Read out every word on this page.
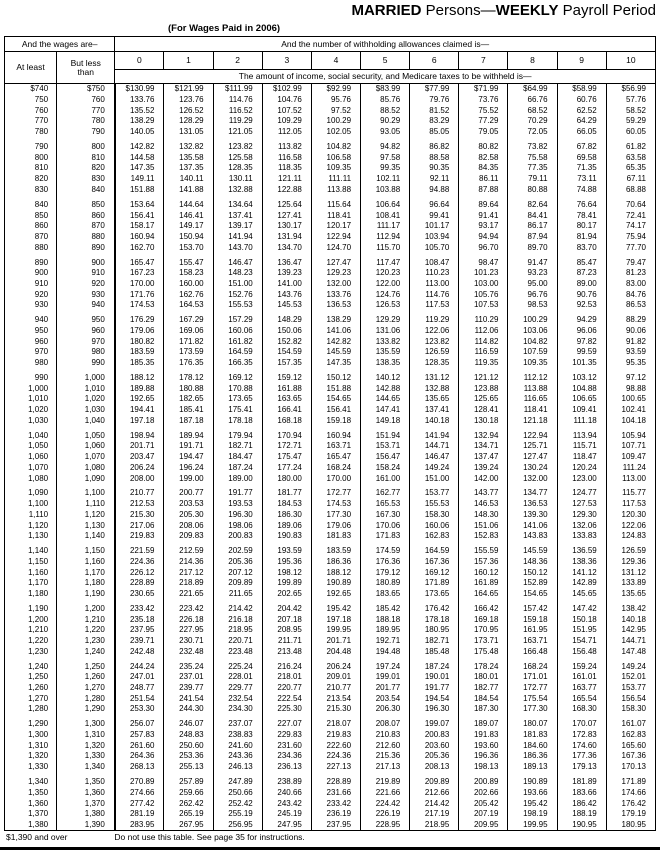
MARRIED Persons—WEEKLY Payroll Period
(For Wages Paid in 2006)
And the wages are–		And the number of withholding allowances claimed is—										
At least	But less
than	0	1	2	3	4	5	6	7	8	9	10
		The amount of income, social security, and Medicare taxes to be withheld is—										
$740	$750	$130.99	$121.99	$111.99	$102.99	$92.99	$83.99	$77.99	$71.99	$64.99	$58.99	$56.99
750	760	133.76	123.76	114.76	104.76	95.76	85.76	79.76	73.76	66.76	60.76	57.76
760	770	135.52	126.52	116.52	107.52	97.52	88.52	81.52	75.52	68.52	62.52	58.52
770	780	138.29	128.29	119.29	109.29	100.29	90.29	83.29	77.29	70.29	64.29	59.29
780	790	140.05	131.05	121.05	112.05	102.05	93.05	85.05	79.05	72.05	66.05	60.05

790	800	142.82	132.82	123.82	113.82	104.82	94.82	86.82	80.82	73.82	67.82	61.82
800	810	144.58	135.58	125.58	116.58	106.58	97.58	88.58	82.58	75.58	69.58	63.58
810	820	147.35	137.35	128.35	118.35	109.35	99.35	90.35	84.35	77.35	71.35	65.35
820	830	149.11	140.11	130.11	121.11	111.11	102.11	92.11	86.11	79.11	73.11	67.11
830	840	151.88	141.88	132.88	122.88	113.88	103.88	94.88	87.88	80.88	74.88	68.88

840	850	153.64	144.64	134.64	125.64	115.64	106.64	96.64	89.64	82.64	76.64	70.64
850	860	156.41	146.41	137.41	127.41	118.41	108.41	99.41	91.41	84.41	78.41	72.41
860	870	158.17	149.17	139.17	130.17	120.17	111.17	101.17	93.17	86.17	80.17	74.17
870	880	160.94	150.94	141.94	131.94	122.94	112.94	103.94	94.94	87.94	81.94	75.94
880	890	162.70	153.70	143.70	134.70	124.70	115.70	105.70	96.70	89.70	83.70	77.70

890	900	165.47	155.47	146.47	136.47	127.47	117.47	108.47	98.47	91.47	85.47	79.47
900	910	167.23	158.23	148.23	139.23	129.23	120.23	110.23	101.23	93.23	87.23	81.23
910	920	170.00	160.00	151.00	141.00	132.00	122.00	113.00	103.00	95.00	89.00	83.00
920	930	171.76	162.76	152.76	143.76	133.76	124.76	114.76	105.76	96.76	90.76	84.76
930	940	174.53	164.53	155.53	145.53	136.53	126.53	117.53	107.53	98.53	92.53	86.53

940	950	176.29	167.29	157.29	148.29	138.29	129.29	119.29	110.29	100.29	94.29	88.29
950	960	179.06	169.06	160.06	150.06	141.06	131.06	122.06	112.06	103.06	96.06	90.06
960	970	180.82	171.82	161.82	152.82	142.82	133.82	123.82	114.82	104.82	97.82	91.82
970	980	183.59	173.59	164.59	154.59	145.59	135.59	126.59	116.59	107.59	99.59	93.59
980	990	185.35	176.35	166.35	157.35	147.35	138.35	128.35	119.35	109.35	101.35	95.35

990	1,000	188.12	178.12	169.12	159.12	150.12	140.12	131.12	121.12	112.12	103.12	97.12
1,000	1,010	189.88	180.88	170.88	161.88	151.88	142.88	132.88	123.88	113.88	104.88	98.88
1,010	1,020	192.65	182.65	173.65	163.65	154.65	144.65	135.65	125.65	116.65	106.65	100.65
1,020	1,030	194.41	185.41	175.41	166.41	156.41	147.41	137.41	128.41	118.41	109.41	102.41
1,030	1,040	197.18	187.18	178.18	168.18	159.18	149.18	140.18	130.18	121.18	111.18	104.18

1,040	1,050	198.94	189.94	179.94	170.94	160.94	151.94	141.94	132.94	122.94	113.94	105.94
1,050	1,060	201.71	191.71	182.71	172.71	163.71	153.71	144.71	134.71	125.71	115.71	107.71
1,060	1,070	203.47	194.47	184.47	175.47	165.47	156.47	146.47	137.47	127.47	118.47	109.47
1,070	1,080	206.24	196.24	187.24	177.24	168.24	158.24	149.24	139.24	130.24	120.24	111.24
1,080	1,090	208.00	199.00	189.00	180.00	170.00	161.00	151.00	142.00	132.00	123.00	113.00

1,090	1,100	210.77	200.77	191.77	181.77	172.77	162.77	153.77	143.77	134.77	124.77	115.77
1,100	1,110	212.53	203.53	193.53	184.53	174.53	165.53	155.53	146.53	136.53	127.53	117.53
1,110	1,120	215.30	205.30	196.30	186.30	177.30	167.30	158.30	148.30	139.30	129.30	120.30
1,120	1,130	217.06	208.06	198.06	189.06	179.06	170.06	160.06	151.06	141.06	132.06	122.06
1,130	1,140	219.83	209.83	200.83	190.83	181.83	171.83	162.83	152.83	143.83	133.83	124.83

1,140	1,150	221.59	212.59	202.59	193.59	183.59	174.59	164.59	155.59	145.59	136.59	126.59
1,150	1,160	224.36	214.36	205.36	195.36	186.36	176.36	167.36	157.36	148.36	138.36	129.36
1,160	1,170	226.12	217.12	207.12	198.12	188.12	179.12	169.12	160.12	150.12	141.12	131.12
1,170	1,180	228.89	218.89	209.89	199.89	190.89	180.89	171.89	161.89	152.89	142.89	133.89
1,180	1,190	230.65	221.65	211.65	202.65	192.65	183.65	173.65	164.65	154.65	145.65	135.65

1,190	1,200	233.42	223.42	214.42	204.42	195.42	185.42	176.42	166.42	157.42	147.42	138.42
1,200	1,210	235.18	226.18	216.18	207.18	197.18	188.18	178.18	169.18	159.18	150.18	140.18
1,210	1,220	237.95	227.95	218.95	208.95	199.95	189.95	180.95	170.95	161.95	151.95	142.95
1,220	1,230	239.71	230.71	220.71	211.71	201.71	192.71	182.71	173.71	163.71	154.71	144.71
1,230	1,240	242.48	232.48	223.48	213.48	204.48	194.48	185.48	175.48	166.48	156.48	147.48

1,240	1,250	244.24	235.24	225.24	216.24	206.24	197.24	187.24	178.24	168.24	159.24	149.24
1,250	1,260	247.01	237.01	228.01	218.01	209.01	199.01	190.01	180.01	171.01	161.01	152.01
1,260	1,270	248.77	239.77	229.77	220.77	210.77	201.77	191.77	182.77	172.77	163.77	153.77
1,270	1,280	251.54	241.54	232.54	222.54	213.54	203.54	194.54	184.54	175.54	165.54	156.54
1,280	1,290	253.30	244.30	234.30	225.30	215.30	206.30	196.30	187.30	177.30	168.30	158.30

1,290	1,300	256.07	246.07	237.07	227.07	218.07	208.07	199.07	189.07	180.07	170.07	161.07
1,300	1,310	257.83	248.83	238.83	229.83	219.83	210.83	200.83	191.83	181.83	172.83	162.83
1,310	1,320	261.60	250.60	241.60	231.60	222.60	212.60	203.60	193.60	184.60	174.60	165.60
1,320	1,330	264.36	253.36	243.36	234.36	224.36	215.36	205.36	196.36	186.36	177.36	167.36
1,330	1,340	268.13	255.13	246.13	236.13	227.13	217.13	208.13	198.13	189.13	179.13	170.13

1,340	1,350	270.89	257.89	247.89	238.89	228.89	219.89	209.89	200.89	190.89	181.89	171.89
1,350	1,360	274.66	259.66	250.66	240.66	231.66	221.66	212.66	202.66	193.66	183.66	174.66
1,360	1,370	277.42	262.42	252.42	243.42	233.42	224.42	214.42	205.42	195.42	186.42	176.42
1,370	1,380	281.19	265.19	255.19	245.19	236.19	226.19	217.19	207.19	198.19	188.19	179.19
1,380	1,390	283.95	267.95	256.95	247.95	237.95	228.95	218.95	209.95	199.95	190.95	180.95
$1,390 and over	Do not use this table. See page 35 for instructions.
